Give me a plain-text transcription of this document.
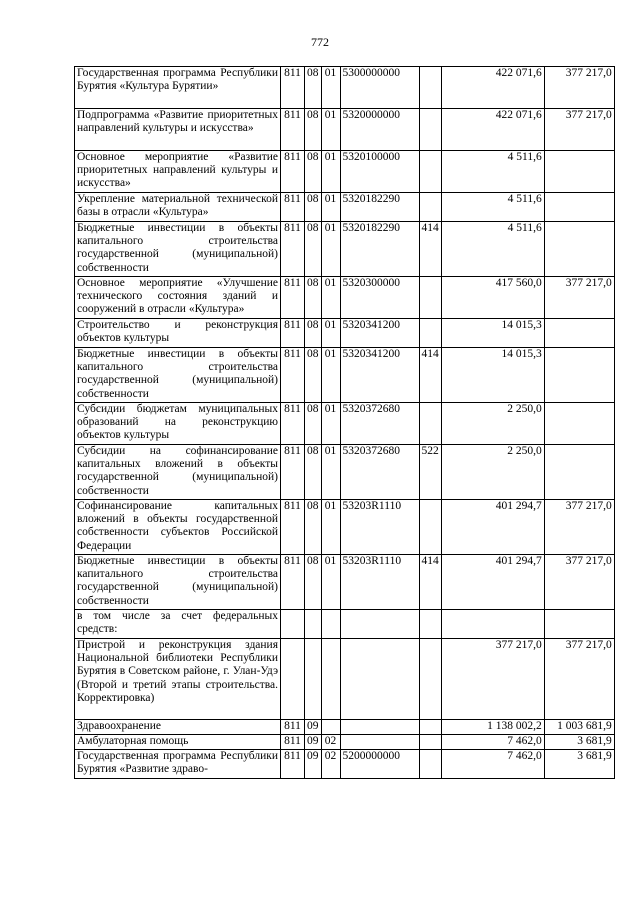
772
Государственная программа Республики Бурятия «Культура Бурятии»	811	08	01	5300000000		422 071,6	377 217,0
Подпрограмма «Развитие приоритетных направлений культуры и искусства»	811	08	01	5320000000		422 071,6	377 217,0
Основное мероприятие «Развитие приоритетных направлений культуры и искусства»	811	08	01	5320100000		4 511,6	
Укрепление материальной технической базы в отрасли «Культура»	811	08	01	5320182290		4 511,6	
Бюджетные инвестиции в объекты капитального строительства государственной (муниципальной) собственности	811	08	01	5320182290	414	4 511,6	
Основное мероприятие «Улучшение технического состояния зданий и сооружений в отрасли «Культура»	811	08	01	5320300000		417 560,0	377 217,0
Строительство и реконструкция объектов культуры	811	08	01	5320341200		14 015,3	
Бюджетные инвестиции в объекты капитального строительства государственной (муниципальной) собственности	811	08	01	5320341200	414	14 015,3	
Субсидии бюджетам муниципальных образований на реконструкцию объектов культуры	811	08	01	5320372680		2 250,0	
Субсидии на софинансирование капитальных вложений в объекты государственной (муниципальной) собственности	811	08	01	5320372680	522	2 250,0	
Софинансирование капитальных вложений в объекты государственной собственности субъектов Российской Федерации	811	08	01	53203R1110		401 294,7	377 217,0
Бюджетные инвестиции в объекты капитального строительства государственной (муниципальной) собственности	811	08	01	53203R1110	414	401 294,7	377 217,0
в том числе за счет федеральных средств:							
Пристрой и реконструкция здания Национальной библиотеки Республики Бурятия в Советском районе, г. Улан-Удэ (Второй и третий этапы строительства. Корректировка)						377 217,0	377 217,0
Здравоохранение	811	09				1 138 002,2	1 003 681,9
Амбулаторная помощь	811	09	02			7 462,0	3 681,9
Государственная программа Республики Бурятия «Развитие здраво-	811	09	02	5200000000		7 462,0	3 681,9
